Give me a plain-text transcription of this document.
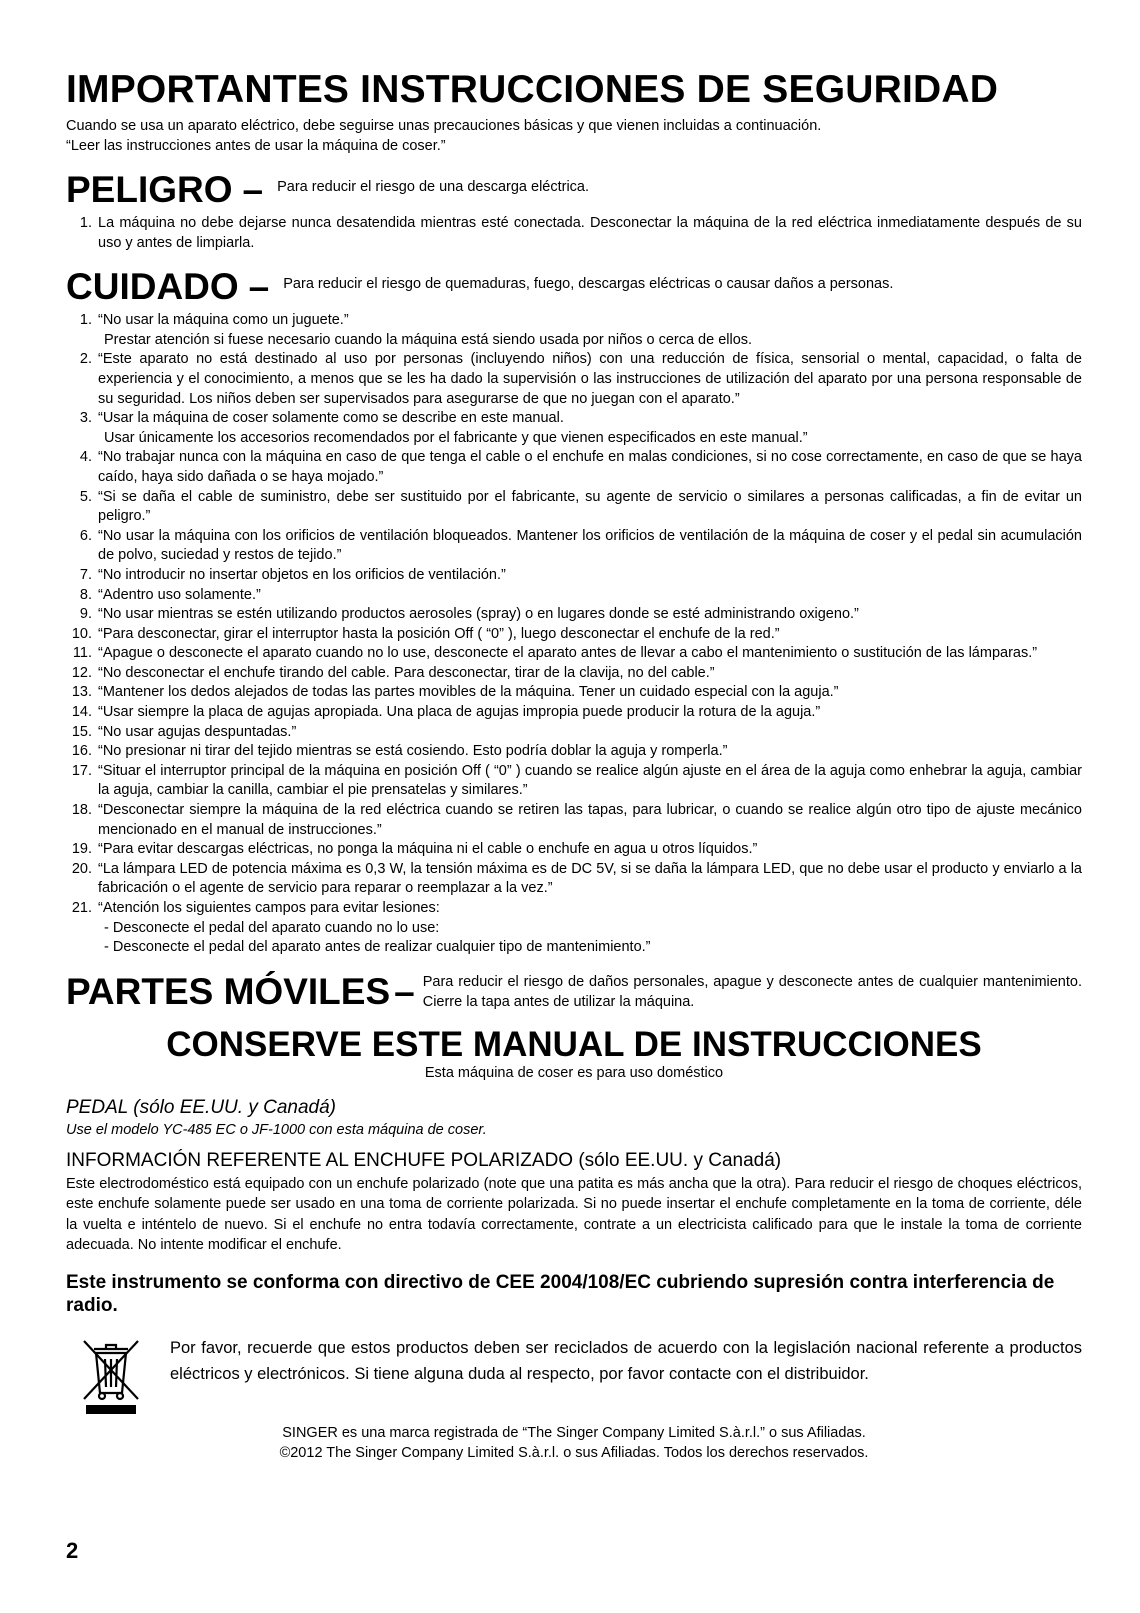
IMPORTANTES INSTRUCCIONES DE SEGURIDAD
Cuando se usa un aparato eléctrico, debe seguirse unas precauciones básicas y que vienen incluidas a continuación.
“Leer las instrucciones antes de usar la máquina de coser.”
PELIGRO – Para reducir el riesgo de una descarga eléctrica.
1. La máquina no debe dejarse nunca desatendida mientras esté conectada. Desconectar la máquina de la red eléctrica inmediatamente después de su uso y antes de limpiarla.
CUIDADO – Para reducir el riesgo de quemaduras, fuego, descargas eléctricas o causar daños a personas.
1. “No usar la máquina como un juguete.”
Prestar atención si fuese necesario cuando la máquina está siendo usada por niños o cerca de ellos.
2. “Este aparato no está destinado al uso por personas (incluyendo niños) con una reducción de física, sensorial o mental, capacidad, o falta de experiencia y el conocimiento, a menos que se les ha dado la supervisión o las instrucciones de utilización del aparato por una persona responsable de su seguridad. Los niños deben ser supervisados para asegurarse de que no juegan con el aparato.”
3. “Usar la máquina de coser solamente como se describe en este manual.
Usar únicamente los accesorios recomendados por el fabricante y que vienen especificados en este manual.”
4. “No trabajar nunca con la máquina en caso de que tenga el cable o el enchufe en malas condiciones, si no cose correctamente, en caso de que se haya caído, haya sido dañada o se haya mojado.”
5. “Si se daña el cable de suministro, debe ser sustituido por el fabricante, su agente de servicio o similares a personas calificadas, a fin de evitar un peligro.”
6. “No usar la máquina con los orificios de ventilación bloqueados. Mantener los orificios de ventilación de la máquina de coser y el pedal sin acumulación de polvo, suciedad y restos de tejido.”
7. “No introducir no insertar objetos en los orificios de ventilación.”
8. “Adentro uso solamente.”
9. “No usar mientras se estén utilizando productos aerosoles (spray) o en lugares donde se esté administrando oxigeno.”
10. “Para desconectar, girar el interruptor hasta la posición Off ( “0” ), luego desconectar el enchufe de la red.”
11. “Apague o desconecte el aparato cuando no lo use, desconecte el aparato antes de llevar a cabo el mantenimiento o sustitución de las lámparas.”
12. “No desconectar el enchufe tirando del cable. Para desconectar, tirar de la clavija, no del cable.”
13. “Mantener los dedos alejados de todas las partes movibles de la máquina. Tener un cuidado especial con la aguja.”
14. “Usar siempre la placa de agujas apropiada. Una placa de agujas impropia puede producir la rotura de la aguja.”
15. “No usar agujas despuntadas.”
16. “No presionar ni tirar del tejido mientras se está cosiendo. Esto podría doblar la aguja y romperla.”
17. “Situar el interruptor principal de la máquina en posición Off ( “0” ) cuando se realice algún ajuste en el área de la aguja como enhebrar la aguja, cambiar la aguja, cambiar la canilla, cambiar el pie prensatelas y similares.”
18. “Desconectar siempre la máquina de la red eléctrica cuando se retiren las tapas, para lubricar, o cuando se realice algún otro tipo de ajuste mecánico mencionado en el manual de instrucciones.”
19. “Para evitar descargas eléctricas, no ponga la máquina ni el cable o enchufe en agua u otros líquidos.”
20. “La lámpara LED de potencia máxima es 0,3 W, la tensión máxima es de DC 5V, si se daña la lámpara LED, que no debe usar el producto y enviarlo a la fabricación o el agente de servicio para reparar o reemplazar a la vez.”
21. “Atención los siguientes campos para evitar lesiones:
- Desconecte el pedal del aparato cuando no lo use:
- Desconecte el pedal del aparato antes de realizar cualquier tipo de mantenimiento.”
PARTES MÓVILES – Para reducir el riesgo de daños personales, apague y desconecte antes de cualquier mantenimiento. Cierre la tapa antes de utilizar la máquina.
CONSERVE ESTE MANUAL DE INSTRUCCIONES
Esta máquina de coser es para uso doméstico
PEDAL (sólo EE.UU. y Canadá)
Use el modelo YC-485 EC o JF-1000 con esta máquina de coser.
INFORMACIÓN REFERENTE AL ENCHUFE POLARIZADO (sólo EE.UU. y Canadá)
Este electrodoméstico está equipado con un enchufe polarizado (note que una patita es más ancha que la otra). Para reducir el riesgo de choques eléctricos, este enchufe solamente puede ser usado en una toma de corriente polarizada. Si no puede insertar el enchufe completamente en la toma de corriente, déle la vuelta e inténtelo de nuevo. Si el enchufe no entra todavía correctamente, contrate a un electricista calificado para que le instale la toma de corriente adecuada. No intente modificar el enchufe.
Este instrumento se conforma con directivo de CEE 2004/108/EC cubriendo supresión contra interferencia de radio.
Por favor, recuerde que estos productos deben ser reciclados de acuerdo con la legislación nacional referente a productos eléctricos y electrónicos. Si tiene alguna duda al respecto, por favor contacte con el distribuidor.
SINGER es una marca registrada de “The Singer Company Limited S.à.r.l.” o sus Afiliadas.
©2012 The Singer Company Limited S.à.r.l. o sus Afiliadas. Todos los derechos reservados.
2
